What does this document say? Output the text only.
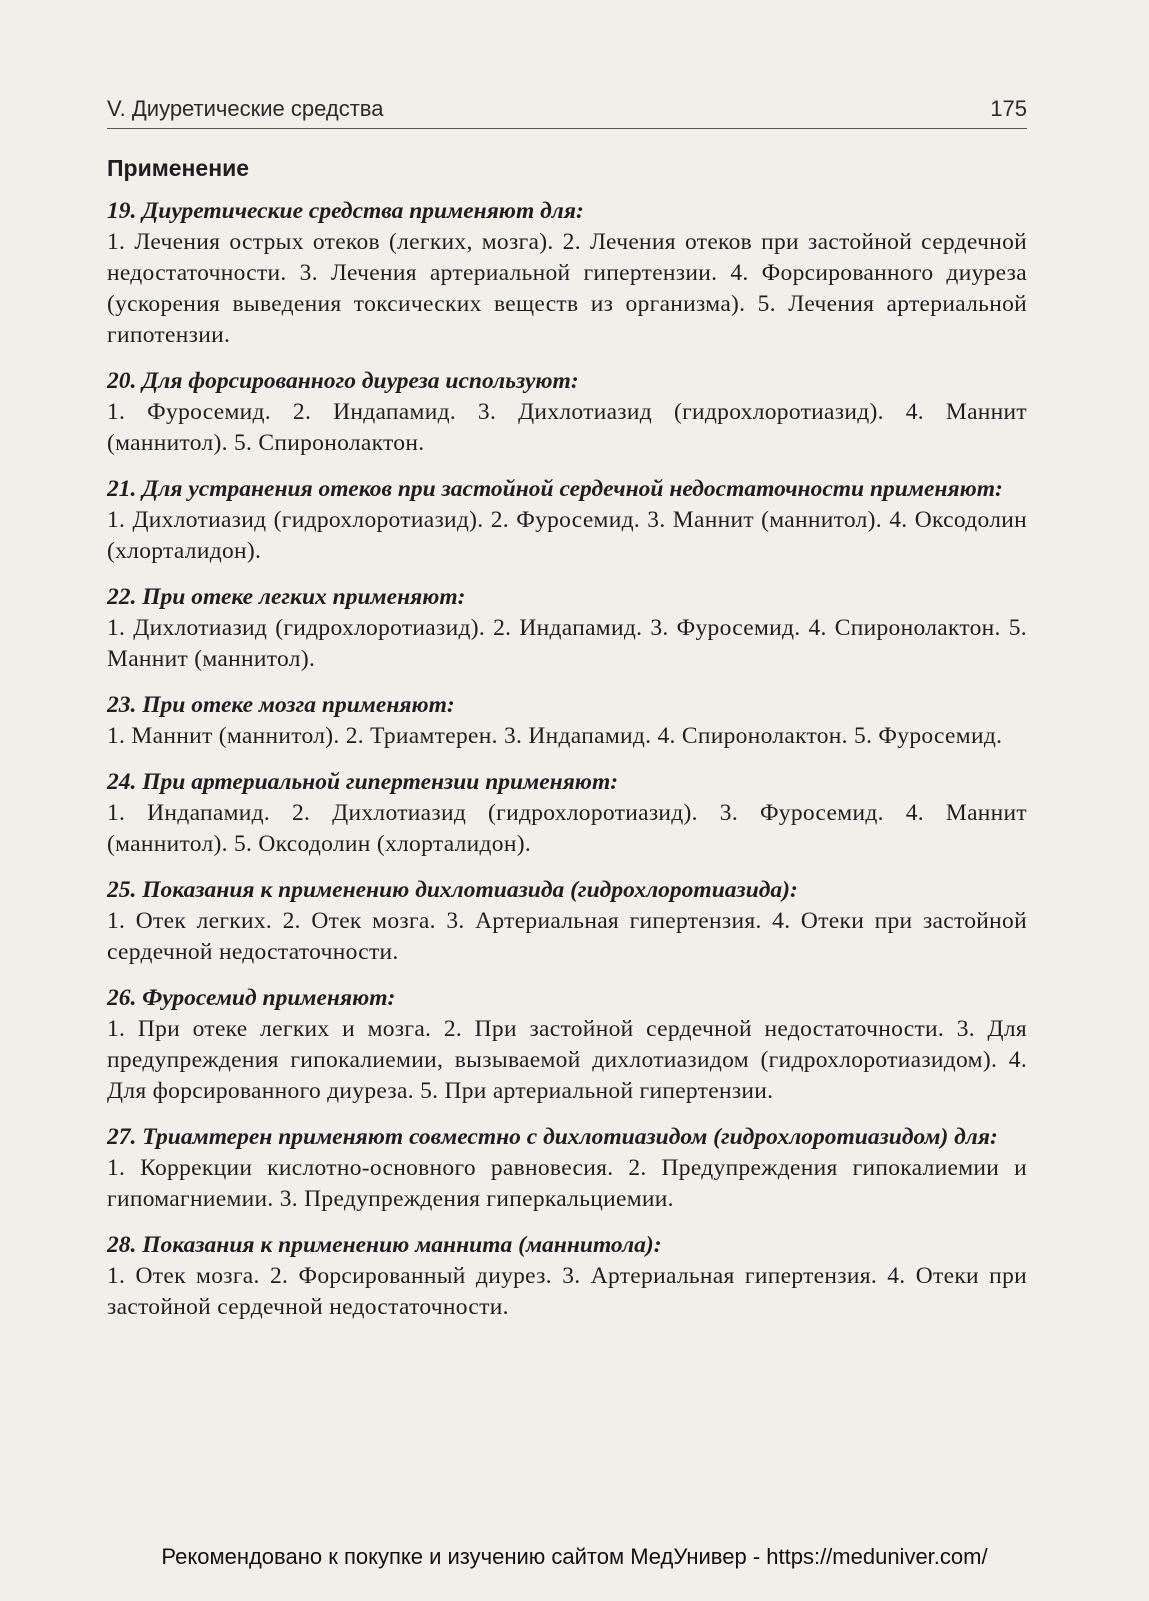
V. Диуретические средства	175
Применение
19. Диуретические средства применяют для:
1. Лечения острых отеков (легких, мозга). 2. Лечения отеков при застойной сердечной недостаточности. 3. Лечения артериальной гипертензии. 4. Форсированного диуреза (ускорения выведения токсических веществ из организма). 5. Лечения артериальной гипотензии.
20. Для форсированного диуреза используют:
1. Фуросемид. 2. Индапамид. 3. Дихлотиазид (гидрохлоротиазид). 4. Маннит (маннитол). 5. Спиронолактон.
21. Для устранения отеков при застойной сердечной недостаточности применяют:
1. Дихлотиазид (гидрохлоротиазид). 2. Фуросемид. 3. Маннит (маннитол). 4. Оксодолин (хлорталидон).
22. При отеке легких применяют:
1. Дихлотиазид (гидрохлоротиазид). 2. Индапамид. 3. Фуросемид. 4. Спиронолактон. 5. Маннит (маннитол).
23. При отеке мозга применяют:
1. Маннит (маннитол). 2. Триамтерен. 3. Индапамид. 4. Спиронолактон. 5. Фуросемид.
24. При артериальной гипертензии применяют:
1. Индапамид. 2. Дихлотиазид (гидрохлоротиазид). 3. Фуросемид. 4. Маннит (маннитол). 5. Оксодолин (хлорталидон).
25. Показания к применению дихлотиазида (гидрохлоротиазида):
1. Отек легких. 2. Отек мозга. 3. Артериальная гипертензия. 4. Отеки при застойной сердечной недостаточности.
26. Фуросемид применяют:
1. При отеке легких и мозга. 2. При застойной сердечной недостаточности. 3. Для предупреждения гипокалиемии, вызываемой дихлотиазидом (гидрохлоротиазидом). 4. Для форсированного диуреза. 5. При артериальной гипертензии.
27. Триамтерен применяют совместно с дихлотиазидом (гидрохлоротиазидом) для:
1. Коррекции кислотно-основного равновесия. 2. Предупреждения гипокалиемии и гипомагниемии. 3. Предупреждения гиперкальциемии.
28. Показания к применению маннита (маннитола):
1. Отек мозга. 2. Форсированный диурез. 3. Артериальная гипертензия. 4. Отеки при застойной сердечной недостаточности.
Рекомендовано к покупке и изучению сайтом МедУнивер - https://meduniver.com/
